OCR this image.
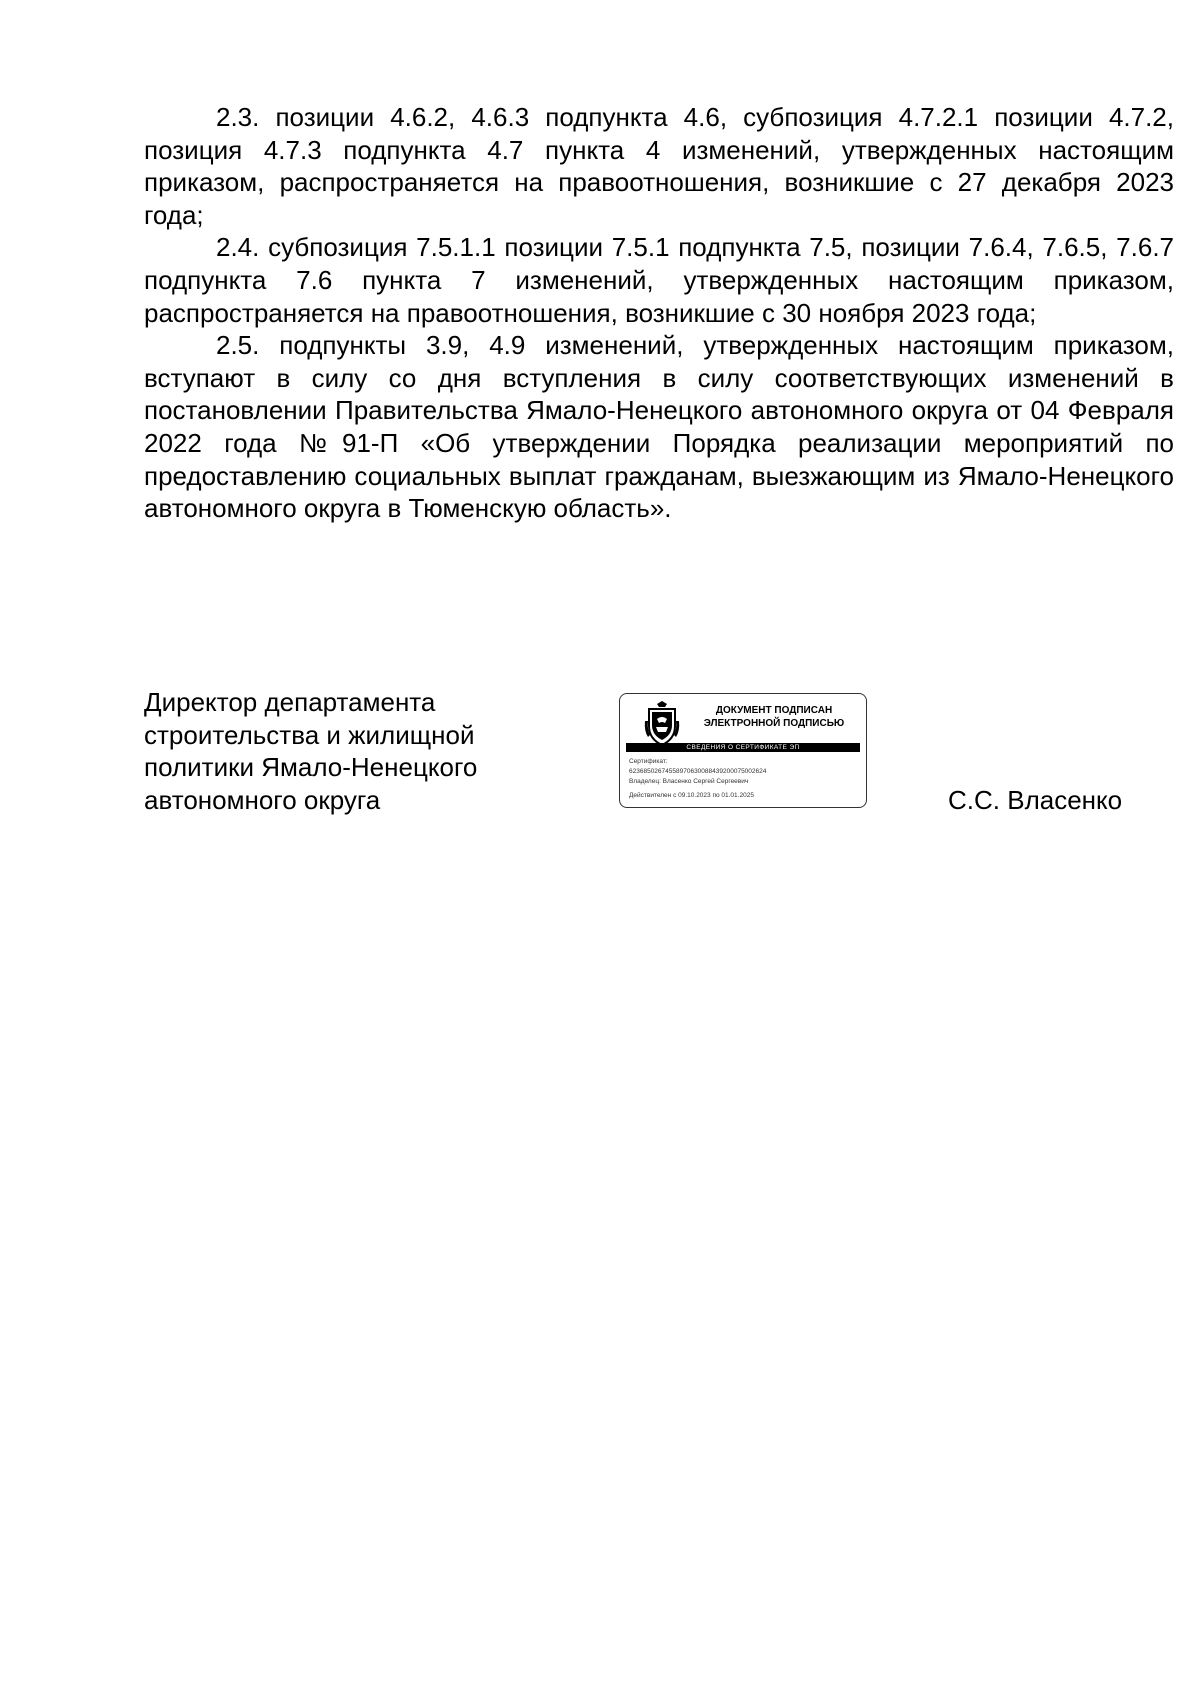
2.3. позиции 4.6.2, 4.6.3 подпункта 4.6, субпозиция 4.7.2.1 позиции 4.7.2, позиция 4.7.3 подпункта 4.7 пункта 4 изменений, утвержденных настоящим приказом, распространяется на правоотношения, возникшие с 27 декабря 2023 года;

2.4. субпозиция 7.5.1.1 позиции 7.5.1 подпункта 7.5, позиции 7.6.4, 7.6.5, 7.6.7 подпункта 7.6 пункта 7 изменений, утвержденных настоящим приказом, распространяется на правоотношения, возникшие с 30 ноября 2023 года;

2.5. подпункты 3.9, 4.9 изменений, утвержденных настоящим приказом, вступают в силу со дня вступления в силу соответствующих изменений в постановлении Правительства Ямало-Ненецкого автономного округа от 04 Февраля 2022 года №91-П «Об утверждении Порядка реализации мероприятий по предоставлению социальных выплат гражданам, выезжающим из Ямало-Ненецкого автономного округа в Тюменскую область».

Директор департамента
строительства и жилищной
политики Ямало-Ненецкого
автономного округа
ДОКУМЕНТ ПОДПИСАН
ЭЛЕКТРОННОЙ ПОДПИСЬЮ
СВЕДЕНИЯ О СЕРТИФИКАТЕ ЭП
Сертификат:
62368502674558970630088439200075002624
Владелец: Власенко Сергей Сергеевич
Действителен с 09.10.2023 по 01.01.2025	С.С. Власенко
